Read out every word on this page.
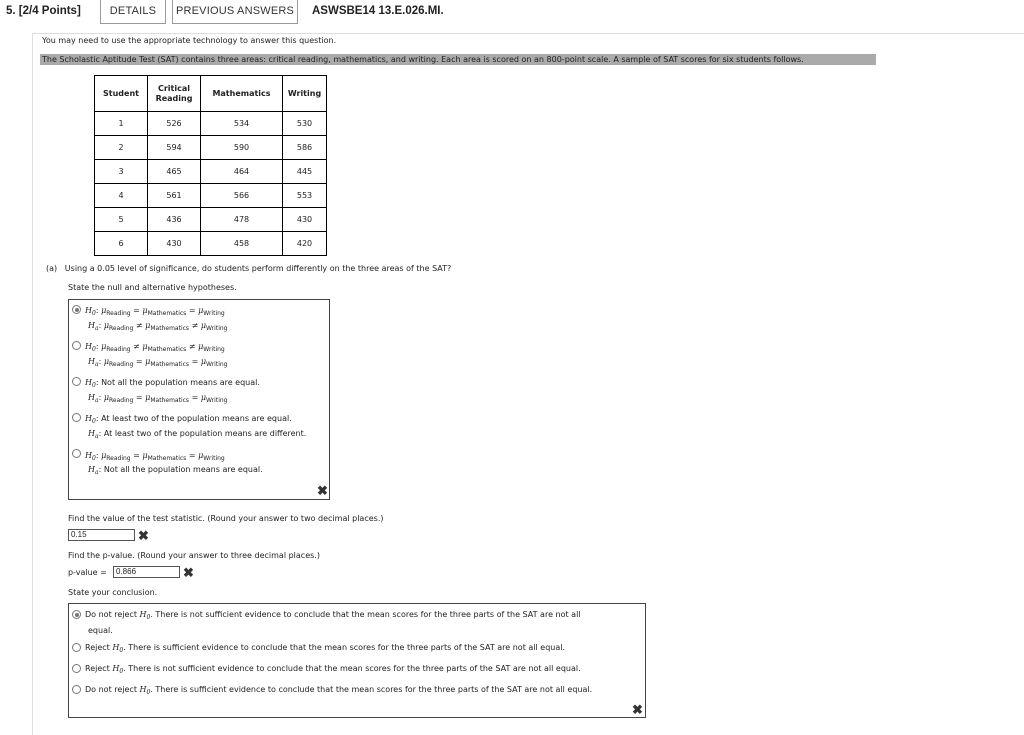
5. [2/4 Points]	DETAILS	PREVIOUS ANSWERS	ASWSBE14 13.E.026.MI.
You may need to use the appropriate technology to answer this question.
The Scholastic Aptitude Test (SAT) contains three areas: critical reading, mathematics, and writing. Each area is scored on an 800-point scale. A sample of SAT scores for six students follows.
Student	Critical Reading	Mathematics	Writing
1	526	534	530
2	594	590	586
3	465	464	445
4	561	566	553
5	436	478	430
6	430	458	420
(a) Using a 0.05 level of significance, do students perform differently on the three areas of the SAT?
State the null and alternative hypotheses.
$H_0$: $\mu_{Reading} = \mu_{Mathematics} = \mu_{Writing}$
$H_a$: $\mu_{Reading} \ne \mu_{Mathematics} \ne \mu_{Writing}$
$H_0$: $\mu_{Reading} \ne \mu_{Mathematics} \ne \mu_{Writing}$
$H_a$: $\mu_{Reading} = \mu_{Mathematics} = \mu_{Writing}$
$H_0$: Not all the population means are equal.
$H_a$: $\mu_{Reading} = \mu_{Mathematics} = \mu_{Writing}$
$H_0$: At least two of the population means are equal.
$H_a$: At least two of the population means are different.
$H_0$: $\mu_{Reading} = \mu_{Mathematics} = \mu_{Writing}$
$H_a$: Not all the population means are equal.
✖
Find the value of the test statistic. (Round your answer to two decimal places.)
0.15	✖
Find the p-value. (Round your answer to three decimal places.)
p-value =	0.866	✖
State your conclusion.
Do not reject $H_0$. There is not sufficient evidence to conclude that the mean scores for the three parts of the SAT are not all
equal.
Reject $H_0$. There is sufficient evidence to conclude that the mean scores for the three parts of the SAT are not all equal.
Reject $H_0$. There is not sufficient evidence to conclude that the mean scores for the three parts of the SAT are not all equal.
Do not reject $H_0$. There is sufficient evidence to conclude that the mean scores for the three parts of the SAT are not all equal.
✖
